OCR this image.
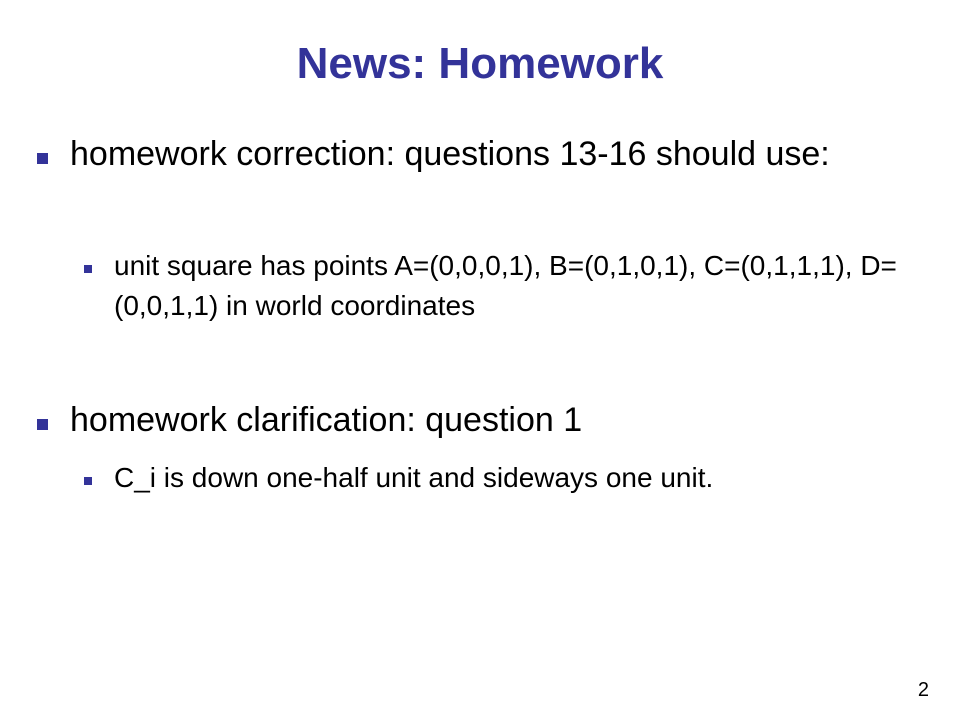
News: Homework
homework correction: questions 13-16 should use:
unit square has points A=(0,0,0,1), B=(0,1,0,1), C=(0,1,1,1), D=(0,0,1,1) in world coordinates
homework clarification: question 1
C_i is down one-half unit and sideways one unit.
2
